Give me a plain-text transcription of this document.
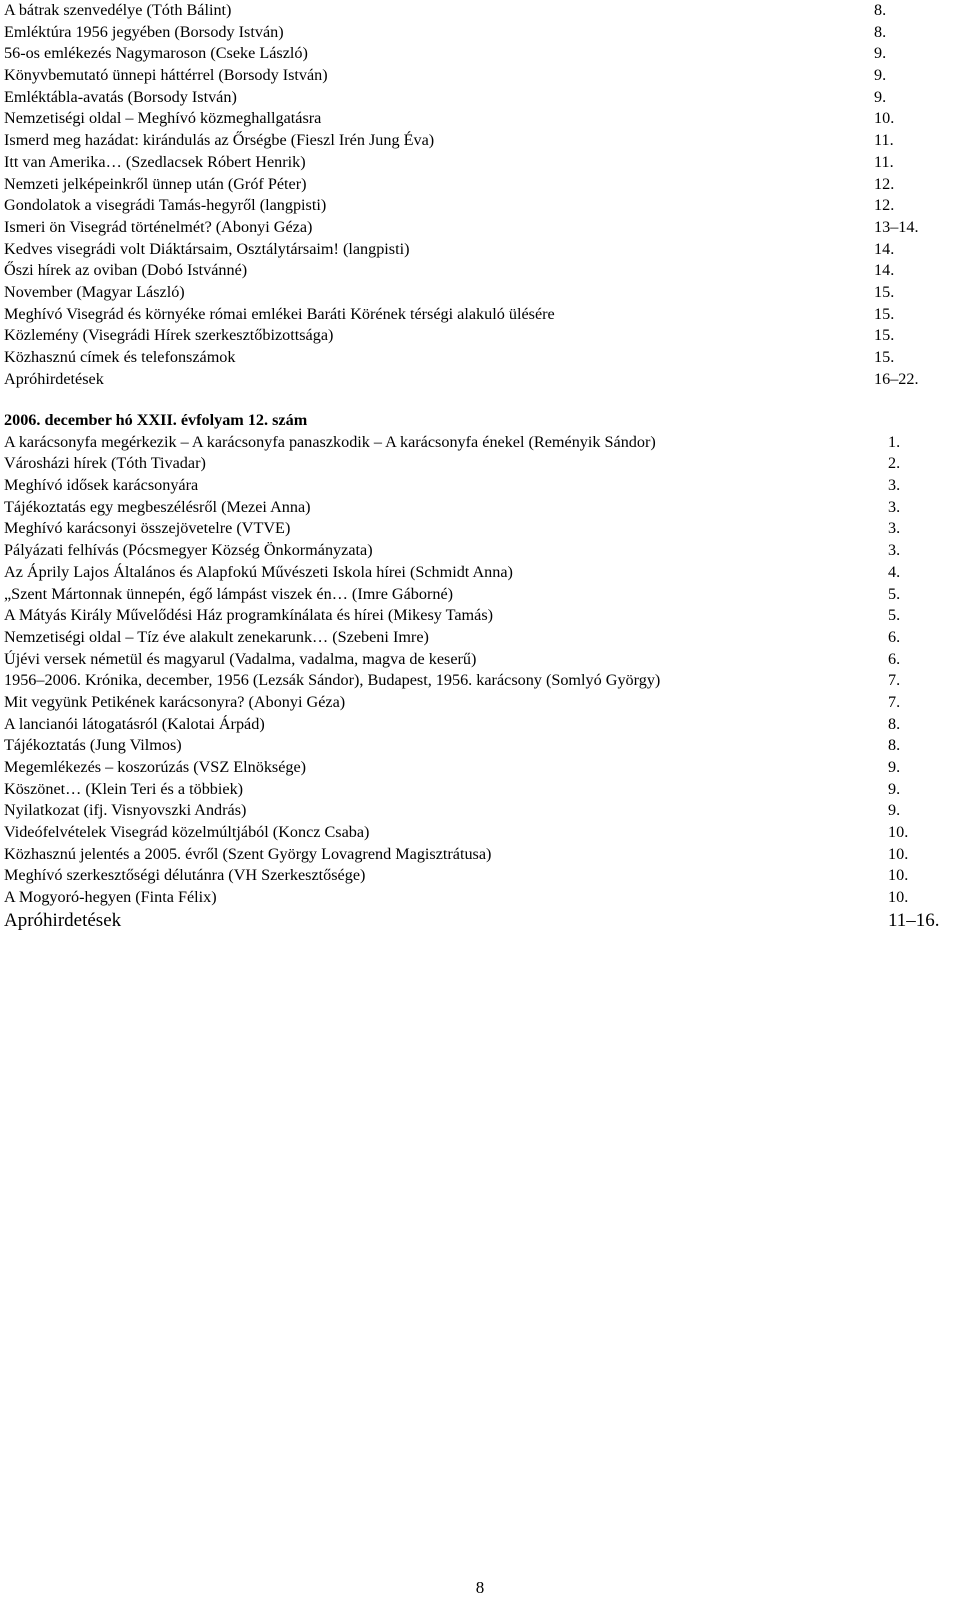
A bátrak szenvedélye (Tóth Bálint)	8.
Emléktúra 1956 jegyében (Borsody István)	8.
56-os emlékezés Nagymaroson (Cseke László)	9.
Könyvbemutató ünnepi háttérrel (Borsody István)	9.
Emléktábla-avatás (Borsody István)	9.
Nemzetiségi oldal – Meghívó közmeghallgatásra	10.
Ismerd meg hazádat: kirándulás az Őrségbe (Fieszl Irén Jung Éva)	11.
Itt van Amerika… (Szedlacsek Róbert Henrik)	11.
Nemzeti jelképeinkről ünnep után (Gróf Péter)	12.
Gondolatok a visegrádi Tamás-hegyről (langpisti)	12.
Ismeri ön Visegrád történelmét? (Abonyi Géza)	13–14.
Kedves visegrádi volt Diáktársaim, Osztálytársaim! (langpisti)	14.
Őszi hírek az oviban (Dobó Istvánné)	14.
November (Magyar László)	15.
Meghívó Visegrád és környéke római emlékei Baráti Körének térségi alakuló ülésére	15.
Közlemény (Visegrádi Hírek szerkesztőbizottsága)	15.
Közhasznú címek és telefonszámok	15.
Apróhirdetések	16–22.
2006. december hó XXII. évfolyam 12. szám
A karácsonyfa megérkezik – A karácsonyfa panaszkodik – A karácsonyfa énekel (Reményik Sándor)	1.
Városházi hírek (Tóth Tivadar)	2.
Meghívó idősek karácsonyára	3.
Tájékoztatás egy megbeszélésről (Mezei Anna)	3.
Meghívó karácsonyi összejövetelre (VTVE)	3.
Pályázati felhívás (Pócsmegyer Község Önkormányzata)	3.
Az Áprily Lajos Általános és Alapfokú Művészeti Iskola hírei (Schmidt Anna)	4.
„Szent Mártonnak ünnepén, égő lámpást viszek én… (Imre Gáborné)	5.
A Mátyás Király Művelődési Ház programkínálata és hírei (Mikesy Tamás)	5.
Nemzetiségi oldal – Tíz éve alakult zenekarunk… (Szebeni Imre)	6.
Újévi versek németül és magyarul (Vadalma, vadalma, magva de keserű)	6.
1956–2006. Krónika, december, 1956 (Lezsák Sándor), Budapest, 1956. karácsony (Somlyó György)	7.
Mit vegyünk Petikének karácsonyra? (Abonyi Géza)	7.
A lancianói látogatásról (Kalotai Árpád)	8.
Tájékoztatás (Jung Vilmos)	8.
Megemlékezés – koszorúzás (VSZ Elnöksége)	9.
Köszönet… (Klein Teri és a többiek)	9.
Nyilatkozat (ifj. Visnyovszki András)	9.
Videófelvételek Visegrád közelmúltjából (Koncz Csaba)	10.
Közhasznú jelentés a 2005. évről (Szent György Lovagrend Magisztrátusa)	10.
Meghívó szerkesztőségi délutánra (VH Szerkesztősége)	10.
A Mogyoró-hegyen (Finta Félix)	10.
Apróhirdetések	11–16.
8
